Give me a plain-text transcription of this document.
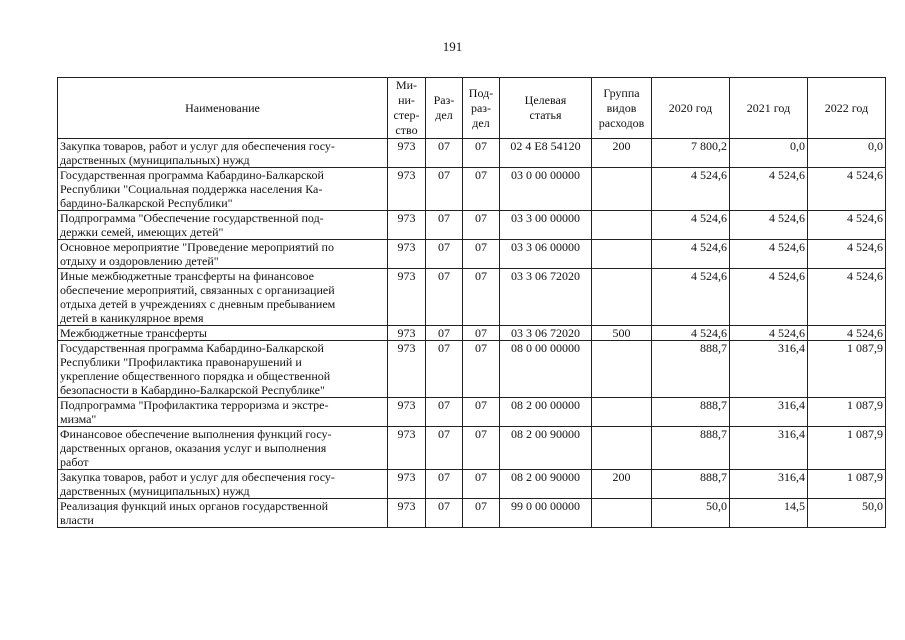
191
Наименование	Ми-
ни-
стер-
ство	Раз-
дел	Под-
раз-
дел	Целевая
статья	Группа
видов
расходов	2020 год	2021 год	2022 год
Закупка товаров, работ и услуг для обеспечения госу-
дарственных (муниципальных) нужд	973	07	07	02 4 E8 54120	200	7 800,2	0,0	0,0
Государственная программа Кабардино-Балкарской
Республики "Социальная поддержка населения Ка-
бардино-Балкарской Республики"	973	07	07	03 0 00 00000		4 524,6	4 524,6	4 524,6
Подпрограмма "Обеспечение государственной под-
держки семей, имеющих детей"	973	07	07	03 3 00 00000		4 524,6	4 524,6	4 524,6
Основное мероприятие "Проведение мероприятий по
отдыху и оздоровлению детей"	973	07	07	03 3 06 00000		4 524,6	4 524,6	4 524,6
Иные межбюджетные трансферты на финансовое
обеспечение мероприятий, связанных с организацией
отдыха детей в учреждениях с дневным пребыванием
детей в каникулярное время	973	07	07	03 3 06 72020		4 524,6	4 524,6	4 524,6
Межбюджетные трансферты	973	07	07	03 3 06 72020	500	4 524,6	4 524,6	4 524,6
Государственная программа Кабардино-Балкарской
Республики "Профилактика правонарушений и
укрепление общественного порядка и общественной
безопасности в Кабардино-Балкарской Республике"	973	07	07	08 0 00 00000		888,7	316,4	1 087,9
Подпрограмма "Профилактика терроризма и экстре-
мизма"	973	07	07	08 2 00 00000		888,7	316,4	1 087,9
Финансовое обеспечение выполнения функций госу-
дарственных органов, оказания услуг и выполнения
работ	973	07	07	08 2 00 90000		888,7	316,4	1 087,9
Закупка товаров, работ и услуг для обеспечения госу-
дарственных (муниципальных) нужд	973	07	07	08 2 00 90000	200	888,7	316,4	1 087,9
Реализация функций иных органов государственной
власти	973	07	07	99 0 00 00000		50,0	14,5	50,0
